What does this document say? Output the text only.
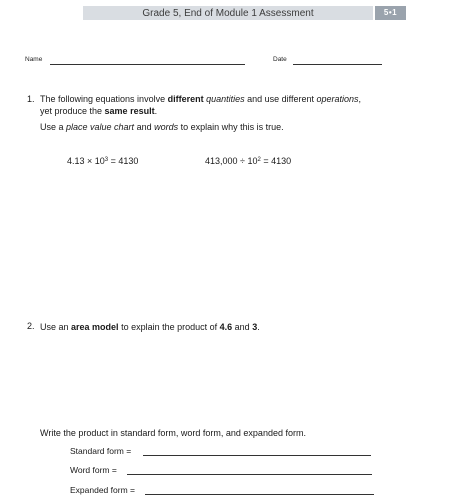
Grade 5, End of Module 1 Assessment	5•1
Name	Date
1. The following equations involve different quantities and use different operations,
yet produce the same result.
Use a place value chart and words to explain why this is true.
$4.13 \times 10^3 = 4130$	$413,000 \div 10^2 = 4130$
2. Use an area model to explain the product of 4.6 and 3.
Write the product in standard form, word form, and expanded form.
Standard form =
Word form =
Expanded form =
